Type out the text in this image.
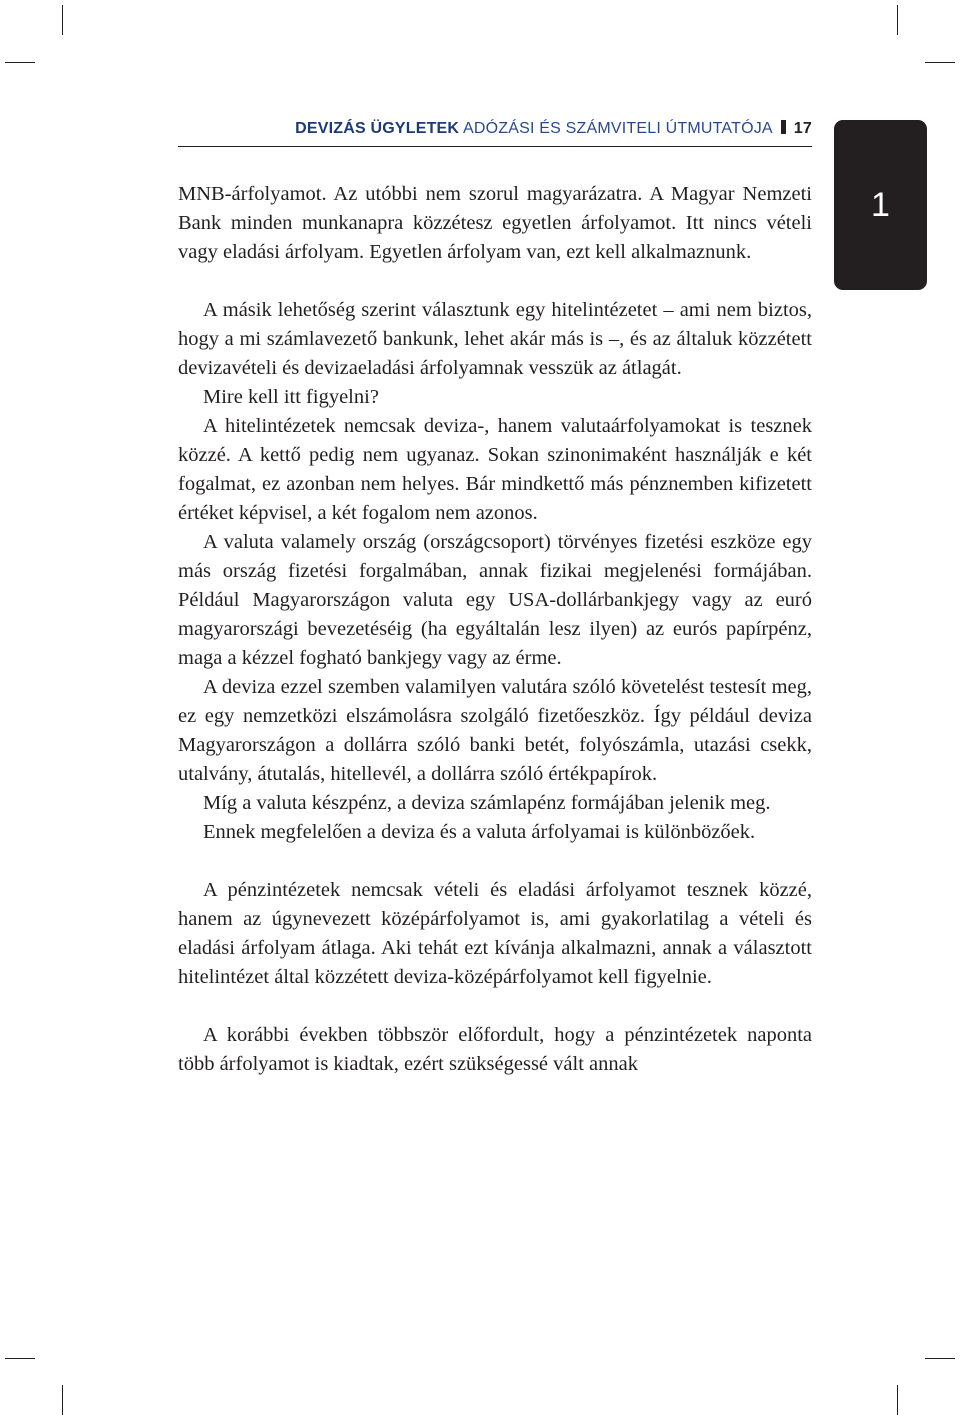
DEVIZÁS ÜGYLETEK ADÓZÁSI ÉS SZÁMVITELI ÚTMUTATÓJA 17
1

MNB-árfolyamot. Az utóbbi nem szorul magyarázatra. A Magyar Nemzeti Bank minden munkanapra közzétesz egyetlen árfolyamot. Itt nincs vételi vagy eladási árfolyam. Egyetlen árfolyam van, ezt kell alkalmaznunk.

A másik lehetőség szerint választunk egy hitelintézetet – ami nem biztos, hogy a mi számlavezető bankunk, lehet akár más is –, és az általuk közzétett devizavételi és devizaeladási árfolyamnak vesszük az átlagát.

Mire kell itt figyelni?

A hitelintézetek nemcsak deviza-, hanem valutaárfolyamokat is tesznek közzé. A kettő pedig nem ugyanaz. Sokan szinonimaként használják e két fogalmat, ez azonban nem helyes. Bár mindkettő más pénznemben kifizetett értéket képvisel, a két fogalom nem azonos.

A valuta valamely ország (országcsoport) törvényes fizetési eszköze egy más ország fizetési forgalmában, annak fizikai megjelenési formájában. Például Magyarországon valuta egy USA-dollárbankjegy vagy az euró magyarországi bevezetéséig (ha egyáltalán lesz ilyen) az eurós papírpénz, maga a kézzel fogható bankjegy vagy az érme.

A deviza ezzel szemben valamilyen valutára szóló követelést testesít meg, ez egy nemzetközi elszámolásra szolgáló fizetőeszköz. Így például deviza Magyarországon a dollárra szóló banki betét, folyószámla, utazási csekk, utalvány, átutalás, hitellevél, a dollárra szóló értékpapírok.

Míg a valuta készpénz, a deviza számlapénz formájában jelenik meg.

Ennek megfelelően a deviza és a valuta árfolyamai is különbözőek.

A pénzintézetek nemcsak vételi és eladási árfolyamot tesznek közzé, hanem az úgynevezett középárfolyamot is, ami gyakorlatilag a vételi és eladási árfolyam átlaga. Aki tehát ezt kívánja alkalmazni, annak a választott hitelintézet által közzétett deviza-középárfolyamot kell figyelnie.

A korábbi években többször előfordult, hogy a pénzintézetek naponta több árfolyamot is kiadtak, ezért szükségessé vált annak
